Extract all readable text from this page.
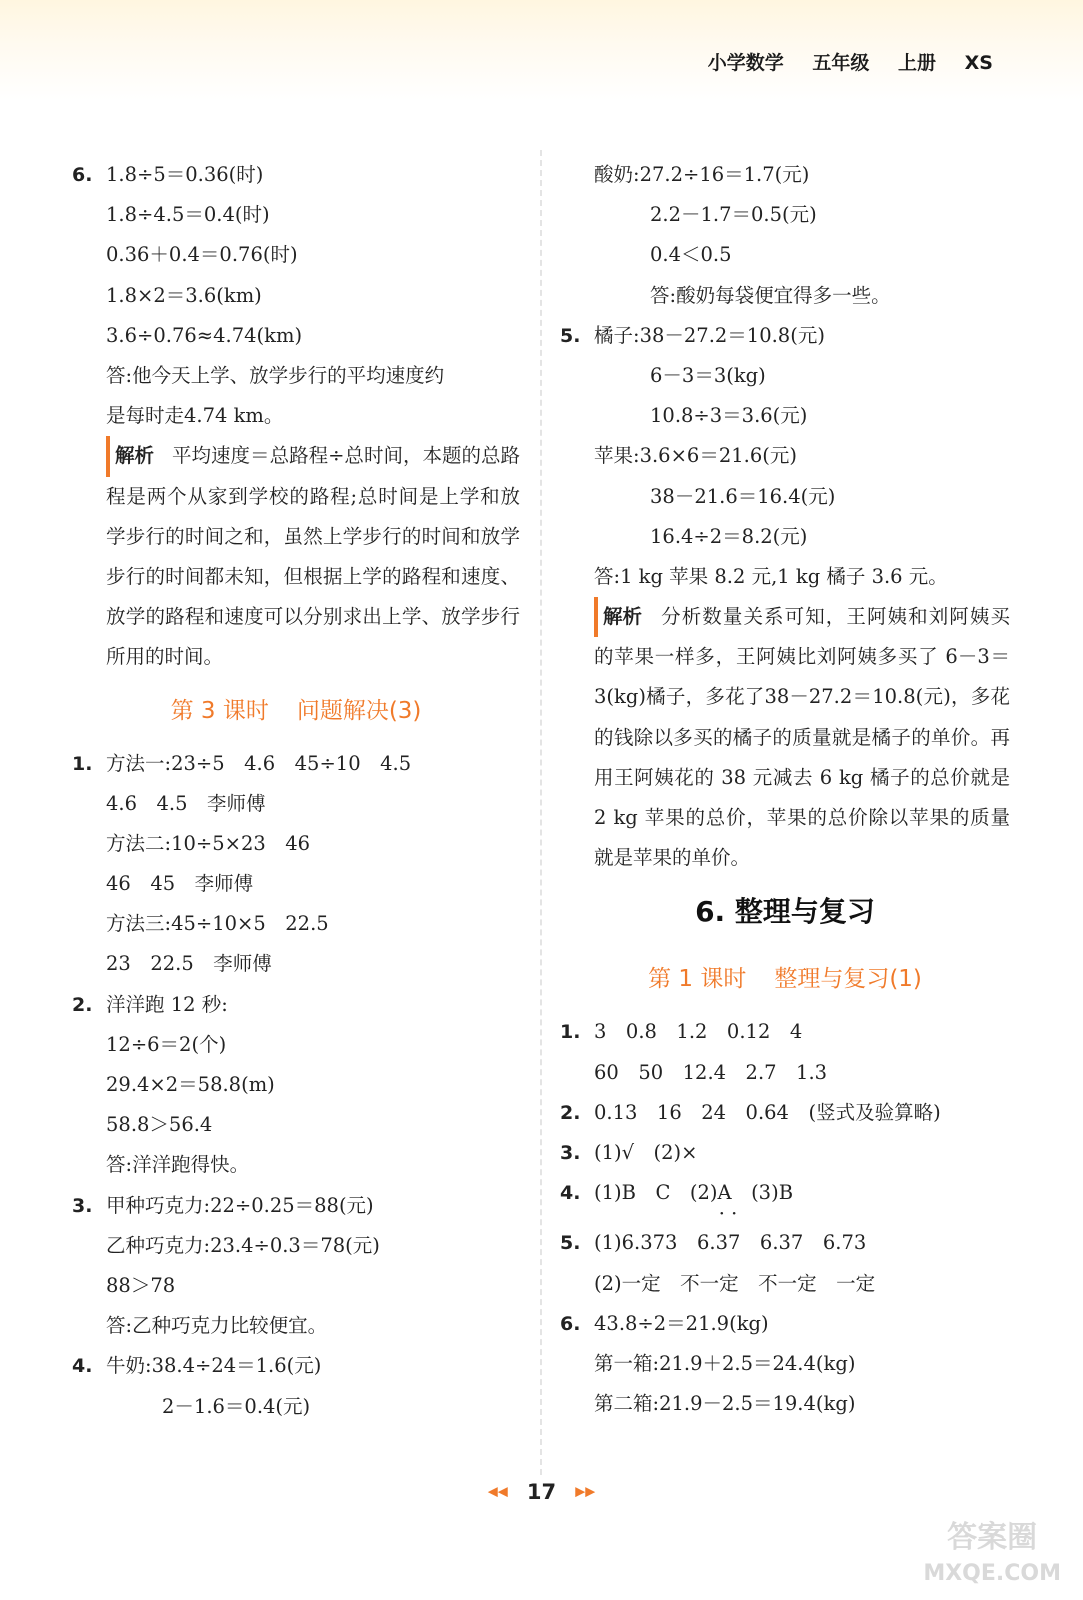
小学数学 五年级 上册 XS
6. 1.8÷5＝0.36(时)
1.8÷4.5＝0.4(时)
0.36＋0.4＝0.76(时)
1.8×2＝3.6(km)
3.6÷0.76≈4.74(km)
答:他今天上学、放学步行的平均速度约
是每时走4.74 km。
解析 平均速度＝总路程÷总时间，本题的总路程是两个从家到学校的路程;总时间是上学和放学步行的时间之和，虽然上学步行的时间和放学步行的时间都未知，但根据上学的路程和速度、放学的路程和速度可以分别求出上学、放学步行所用的时间。
第 3 课时 问题解决(3)
1. 方法一:23÷5　4.6　45÷10　4.5
4.6　4.5　李师傅
方法二:10÷5×23　46
46　45　李师傅
方法三:45÷10×5　22.5
23　22.5　李师傅
2. 洋洋跑 12 秒:
12÷6＝2(个)
29.4×2＝58.8(m)
58.8＞56.4
答:洋洋跑得快。
3. 甲种巧克力:22÷0.25＝88(元)
乙种巧克力:23.4÷0.3＝78(元)
88＞78
答:乙种巧克力比较便宜。
4. 牛奶:38.4÷24＝1.6(元)
2－1.6＝0.4(元)
酸奶:27.2÷16＝1.7(元)
2.2－1.7＝0.5(元)
0.4＜0.5
答:酸奶每袋便宜得多一些。
5. 橘子:38－27.2＝10.8(元)
6－3＝3(kg)
10.8÷3＝3.6(元)
苹果:3.6×6＝21.6(元)
38－21.6＝16.4(元)
16.4÷2＝8.2(元)
答:1 kg 苹果 8.2 元,1 kg 橘子 3.6 元。
解析 分析数量关系可知，王阿姨和刘阿姨买的苹果一样多，王阿姨比刘阿姨多买了 6－3＝3(kg)橘子，多花了38－27.2＝10.8(元)，多花的钱除以多买的橘子的质量就是橘子的单价。再用王阿姨花的 38 元减去 6 kg 橘子的总价就是 2 kg 苹果的总价，苹果的总价除以苹果的质量就是苹果的单价。
6. 整理与复习
第 1 课时 整理与复习(1)
1. 3　0.8　1.2　0.12　4
60　50　12.4　2.7　1.3
2. 0.13　16　24　0.64　(竖式及验算略)
3. (1)√　(2)×
4. (1)B　C　(2)A　(3)B
5. (1)6.373　6.· 3· 7　6.37　6.73
(2)一定　不一定　不一定　一定
6. 43.8÷2＝21.9(kg)
第一箱:21.9＋2.5＝24.4(kg)
第二箱:21.9－2.5＝19.4(kg)
◀◀ 17 ▶▶
答案圈
MXQE.COM
